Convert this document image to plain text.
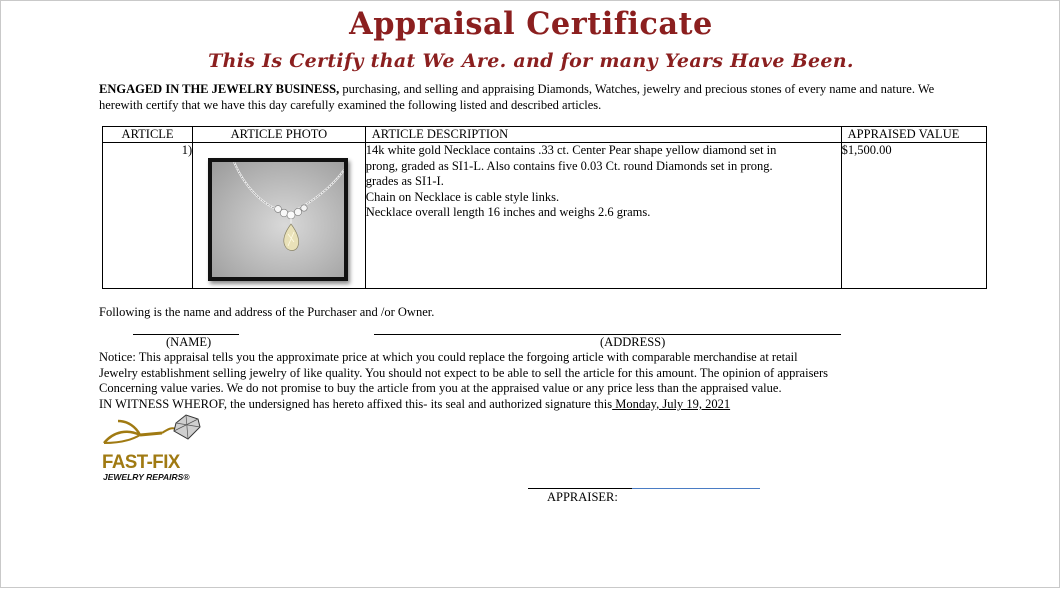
Appraisal Certificate
This Is Certify that We Are. and for many Years Have Been.
ENGAGED IN THE JEWELRY BUSINESS, purchasing, and selling and appraising Diamonds, Watches, jewelry and precious stones of every name and nature. We herewith certify that we have this day carefully examined the following listed and described articles.
ARTICLE	ARTICLE PHOTO	ARTICLE DESCRIPTION	APPRAISED VALUE
1)		14k white gold Necklace contains .33 ct. Center Pear shape yellow diamond set in
prong, graded as SI1-L. Also contains five 0.03 Ct. round Diamonds set in prong.
grades as SI1-I.
Chain on Necklace is cable style links.
Necklace overall length 16 inches and weighs 2.6 grams.	$1,500.00
Following is the name and address of the Purchaser and /or Owner.
(NAME)	(ADDRESS)
Notice: This appraisal tells you the approximate price at which you could replace the forgoing article with comparable merchandise at retail
Jewelry establishment selling jewelry of like quality. You should not expect to be able to sell the article for this amount. The opinion of appraisers
Concerning value varies. We do not promise to buy the article from you at the appraised value or any price less than the appraised value.
IN WITNESS WHEROF, the undersigned has hereto affixed this- its seal and authorized signature this Monday, July 19, 2021
FAST-FIX
JEWELRY REPAIRS®
APPRAISER:
